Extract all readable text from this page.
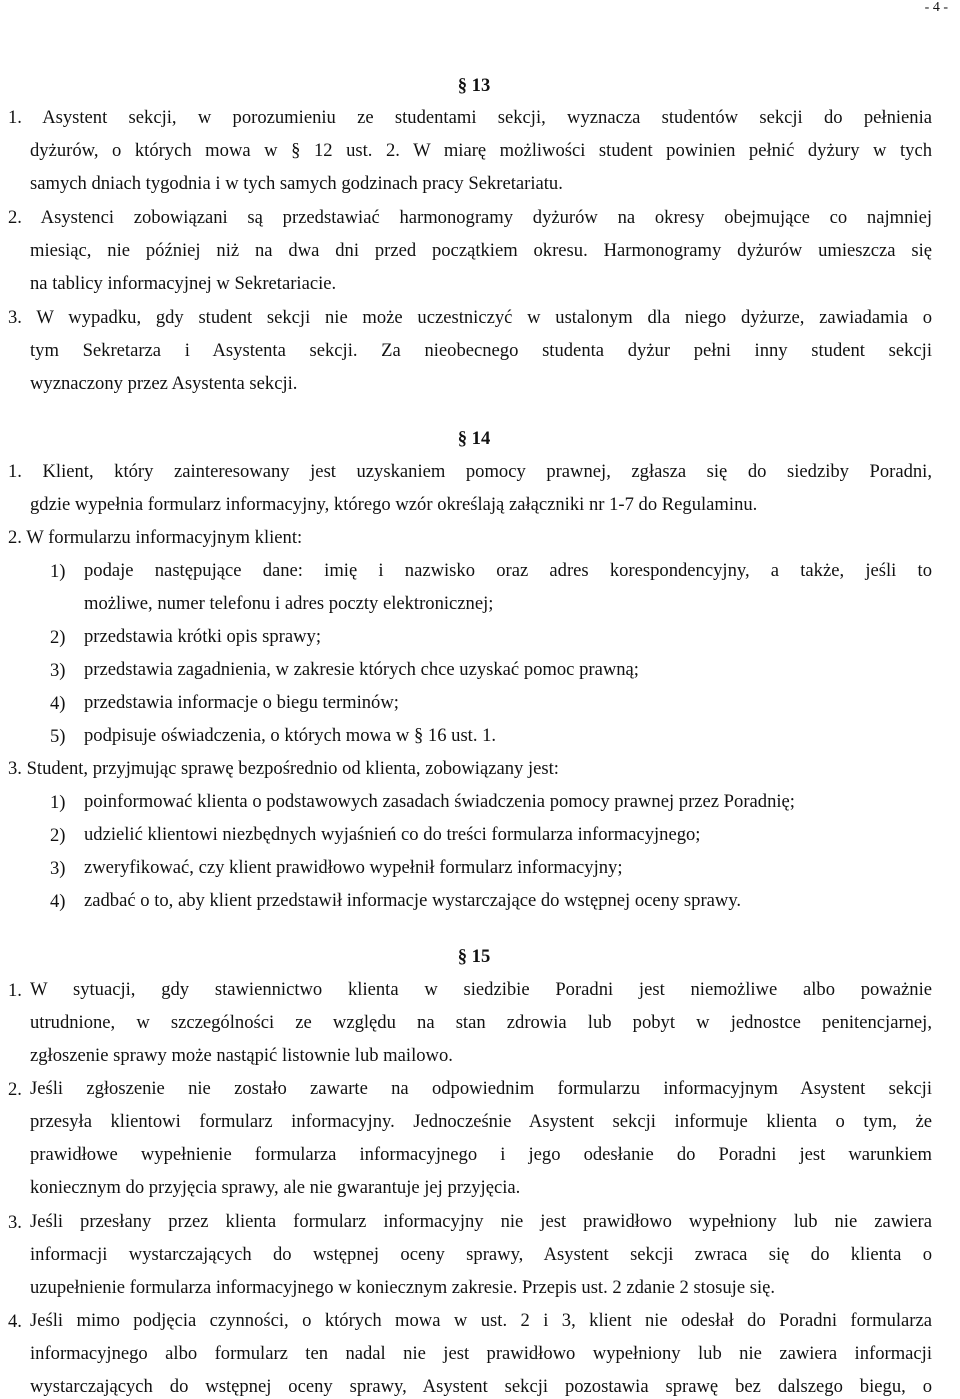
- 4 -
§ 13
1. Asystent sekcji, w porozumieniu ze studentami sekcji, wyznacza studentów sekcji do pełnienia
dyżurów, o których mowa w § 12 ust. 2. W miarę możliwości student powinien pełnić dyżury w tych
samych dniach tygodnia i w tych samych godzinach pracy Sekretariatu.
2. Asystenci zobowiązani są przedstawiać harmonogramy dyżurów na okresy obejmujące co najmniej
miesiąc, nie później niż na dwa dni przed początkiem okresu. Harmonogramy dyżurów umieszcza się
na tablicy informacyjnej w Sekretariacie.
3. W wypadku, gdy student sekcji nie może uczestniczyć w ustalonym dla niego dyżurze, zawiadamia o
tym Sekretarza i Asystenta sekcji. Za nieobecnego studenta dyżur pełni inny student sekcji
wyznaczony przez Asystenta sekcji.
§ 14
1. Klient, który zainteresowany jest uzyskaniem pomocy prawnej, zgłasza się do siedziby Poradni,
gdzie wypełnia formularz informacyjny, którego wzór określają załączniki nr 1-7 do Regulaminu.
2. W formularzu informacyjnym klient:
1) podaje następujące dane: imię i nazwisko oraz adres korespondencyjny, a także, jeśli to
możliwe, numer telefonu i adres poczty elektronicznej;
2) przedstawia krótki opis sprawy;
3) przedstawia zagadnienia, w zakresie których chce uzyskać pomoc prawną;
4) przedstawia informacje o biegu terminów;
5) podpisuje oświadczenia, o których mowa w § 16 ust. 1.
3. Student, przyjmując sprawę bezpośrednio od klienta, zobowiązany jest:
1) poinformować klienta o podstawowych zasadach świadczenia pomocy prawnej przez Poradnię;
2) udzielić klientowi niezbędnych wyjaśnień co do treści formularza informacyjnego;
3) zweryfikować, czy klient prawidłowo wypełnił formularz informacyjny;
4) zadbać o to, aby klient przedstawił informacje wystarczające do wstępnej oceny sprawy.
§ 15
1. W sytuacji, gdy stawiennictwo klienta w siedzibie Poradni jest niemożliwe albo poważnie
utrudnione, w szczególności ze względu na stan zdrowia lub pobyt w jednostce penitencjarnej,
zgłoszenie sprawy może nastąpić listownie lub mailowo.
2. Jeśli zgłoszenie nie zostało zawarte na odpowiednim formularzu informacyjnym Asystent sekcji
przesyła klientowi formularz informacyjny. Jednocześnie Asystent sekcji informuje klienta o tym, że
prawidłowe wypełnienie formularza informacyjnego i jego odesłanie do Poradni jest warunkiem
koniecznym do przyjęcia sprawy, ale nie gwarantuje jej przyjęcia.
3. Jeśli przesłany przez klienta formularz informacyjny nie jest prawidłowo wypełniony lub nie zawiera
informacji wystarczających do wstępnej oceny sprawy, Asystent sekcji zwraca się do klienta o
uzupełnienie formularza informacyjnego w koniecznym zakresie. Przepis ust. 2 zdanie 2 stosuje się.
4. Jeśli mimo podjęcia czynności, o których mowa w ust. 2 i 3, klient nie odesłał do Poradni formularza
informacyjnego albo formularz ten nadal nie jest prawidłowo wypełniony lub nie zawiera informacji
wystarczających do wstępnej oceny sprawy, Asystent sekcji pozostawia sprawę bez dalszego biegu, o
